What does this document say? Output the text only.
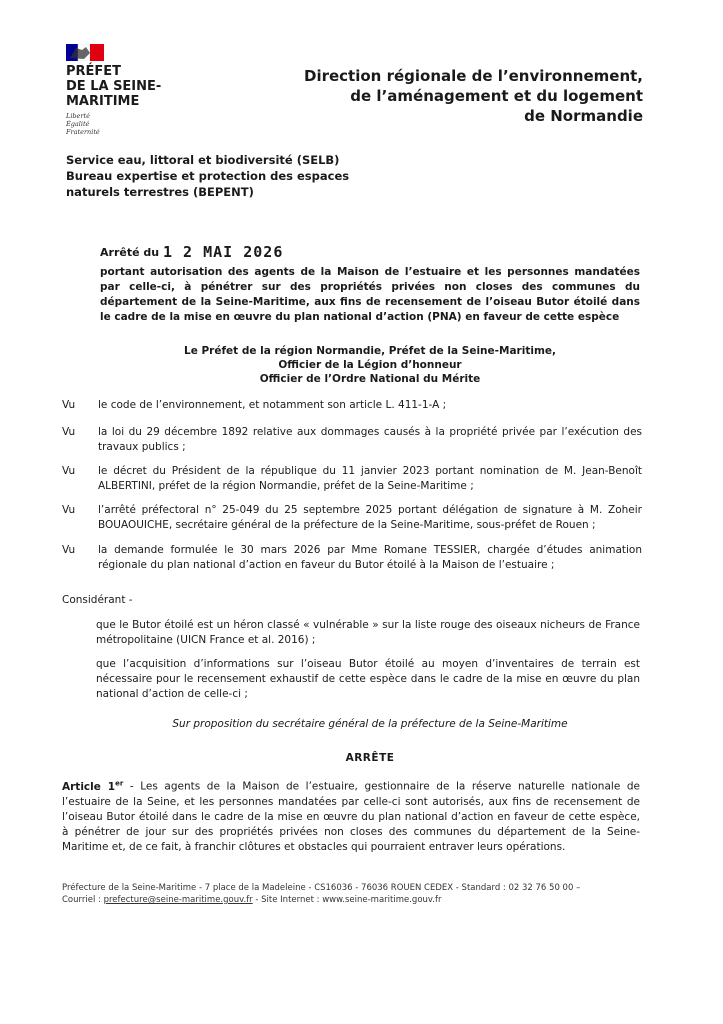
PRÉFET
DE LA SEINE-
MARITIME
Liberté
Égalité
Fraternité
Direction régionale de l’environnement,
de l’aménagement et du logement
de Normandie
Service eau, littoral et biodiversité (SELB)
Bureau expertise et protection des espaces
naturels terrestres (BEPENT)
Arrêté du 1 2 MAI 2026
portant autorisation des agents de la Maison de l’estuaire et les personnes mandatées par celle-ci, à pénétrer sur des propriétés privées non closes des communes du département de la Seine-Maritime, aux fins de recensement de l’oiseau Butor étoilé dans le cadre de la mise en œuvre du plan national d’action (PNA) en faveur de cette espèce
Le Préfet de la région Normandie, Préfet de la Seine-Maritime,
Officier de la Légion d’honneur
Officier de l’Ordre National du Mérite
Vu	le code de l’environnement, et notamment son article L. 411-1-A ;
Vu	la loi du 29 décembre 1892 relative aux dommages causés à la propriété privée par l’exécution des travaux publics ;
Vu	le décret du Président de la république du 11 janvier 2023 portant nomination de M. Jean-Benoît ALBERTINI, préfet de la région Normandie, préfet de la Seine-Maritime ;
Vu	l’arrêté préfectoral n° 25-049 du 25 septembre 2025 portant délégation de signature à M. Zoheir BOUAOUICHE, secrétaire général de la préfecture de la Seine-Maritime, sous-préfet de Rouen ;
Vu	la demande formulée le 30 mars 2026 par Mme Romane TESSIER, chargée d’études animation régionale du plan national d’action en faveur du Butor étoilé à la Maison de l’estuaire ;
Considérant -
que le Butor étoilé est un héron classé « vulnérable » sur la liste rouge des oiseaux nicheurs de France métropolitaine (UICN France et al. 2016) ;
que l’acquisition d’informations sur l’oiseau Butor étoilé au moyen d’inventaires de terrain est nécessaire pour le recensement exhaustif de cette espèce dans le cadre de la mise en œuvre du plan national d’action de celle-ci ;
Sur proposition du secrétaire général de la préfecture de la Seine-Maritime
ARRÊTE
Article 1er - Les agents de la Maison de l’estuaire, gestionnaire de la réserve naturelle nationale de l’estuaire de la Seine, et les personnes mandatées par celle-ci sont autorisés, aux fins de recensement de l’oiseau Butor étoilé dans le cadre de la mise en œuvre du plan national d’action en faveur de cette espèce, à pénétrer de jour sur des propriétés privées non closes des communes du département de la Seine-Maritime et, de ce fait, à franchir clôtures et obstacles qui pourraient entraver leurs opérations.
Préfecture de la Seine-Maritime - 7 place de la Madeleine - CS16036 - 76036 ROUEN CEDEX - Standard : 02 32 76 50 00 –
Courriel : prefecture@seine-maritime.gouv.fr - Site Internet : www.seine-maritime.gouv.fr
